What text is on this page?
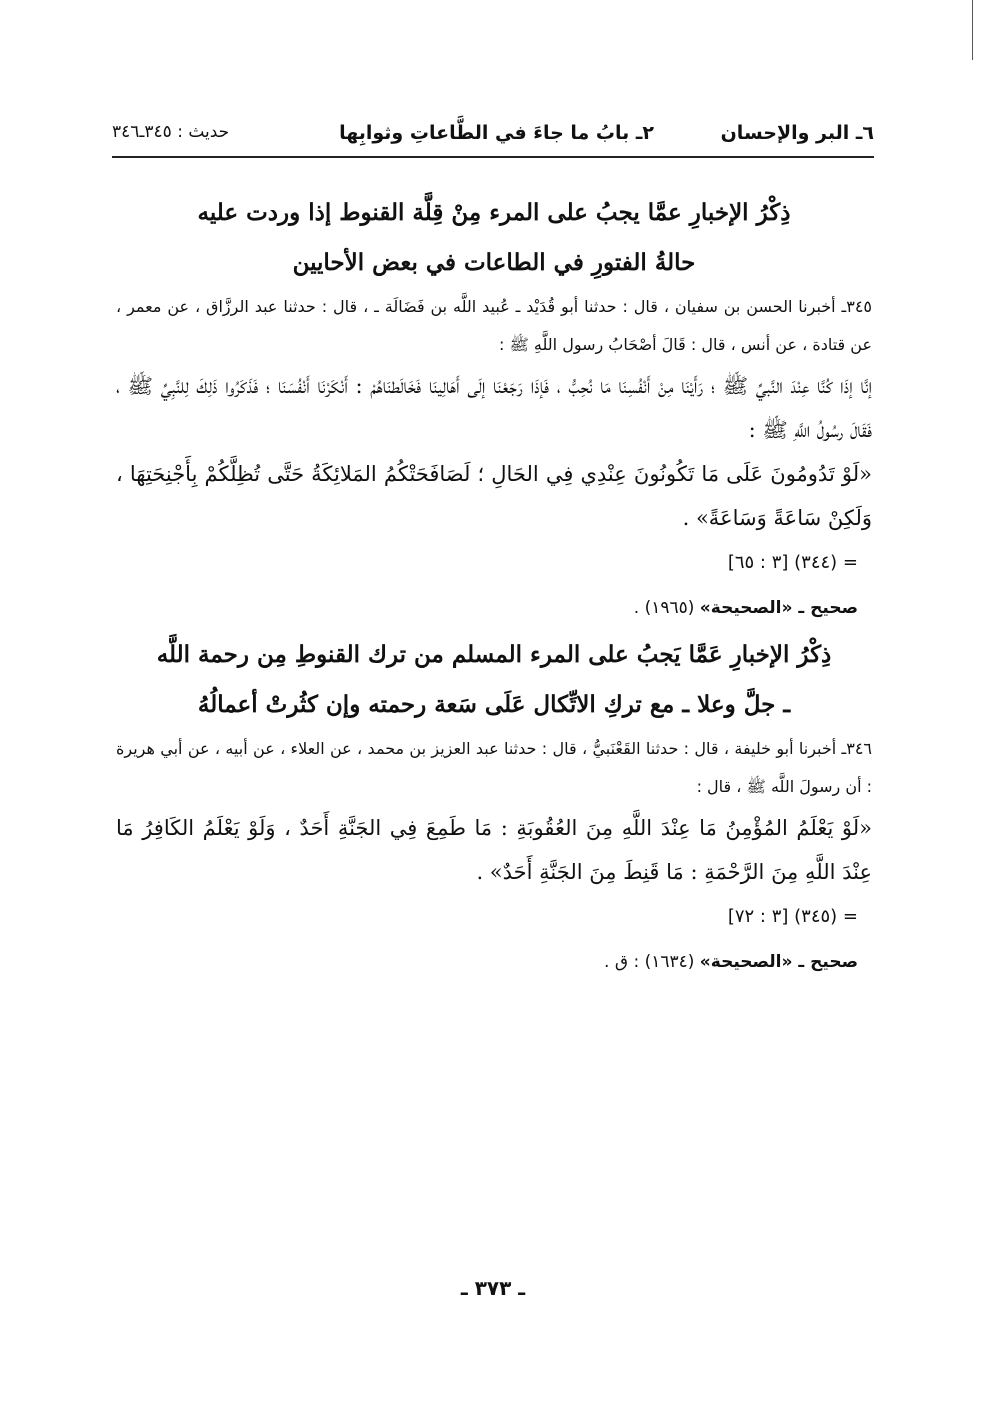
٦ـ البر والإحسان
٢ـ بابُ ما جاءَ في الطَّاعاتِ وثوابِها
حديث : ٣٤٥ـ٣٤٦

ذِكْرُ الإخبارِ عمَّا يجبُ على المرء مِنْ قِلَّة القنوط إذا وردت عليه

حالةُ الفتورِ في الطاعات في بعض الأحايين

٣٤٥ـ أخبرنا الحسن بن سفيان ، قال : حدثنا أبو قُدَيْد ـ عُبيد اللَّه بن فَضَالَة ـ ، قال : حدثنا عبد الرزَّاق ، عن معمر ، عن قتادة ، عن أنس ، قال : قَالَ أصْحَابُ رسول اللَّهِ ﷺ :

إنَّا إذَا كُنَّا عِنْدَ النَّبيِّ ﷺ ؛ رَأَيْنَا مِنْ أَنْفُسِنَا مَا نُحِبُّ ، فَإذَا رَجَعْنَا إلَى أَهَالِينَا فَخَالَطنَاهُمْ : أَنْكَرْنَا أَنْفُسَنَا ؛ فَذَكَرُوا ذَلِكَ لِلنَّبِيِّ ﷺ ، فَقَالَ رسُولُ اللَّهِ ﷺ :

«لَوْ تَدُومُونَ عَلَى مَا تَكُونُونَ عِنْدِي فِي الحَالِ ؛ لَصَافَحَتْكُمُ المَلائِكَةُ حَتَّى تُظِلَّكُمْ بِأَجْنِحَتِهَا ، وَلَكِنْ سَاعَةً وَسَاعَةً» .

= (٣٤٤) [٣ : ٦٥]

صحيح ـ «الصحيحة» (١٩٦٥) .

ذِكْرُ الإخبارِ عَمَّا يَجبُ على المرء المسلم من ترك القنوطِ مِن رحمة اللَّه

ـ جلَّ وعلا ـ مع تركِ الاتِّكال عَلَى سَعة رحمته وإن كثُرتْ أعمالُهُ

٣٤٦ـ أخبرنا أبو خليفة ، قال : حدثنا القَعْنَبيُّ ، قال : حدثنا عبد العزيز بن محمد ، عن العلاء ، عن أبيه ، عن أبي هريرة : أن رسولَ اللَّه ﷺ ، قال :

«لَوْ يَعْلَمُ المُؤْمِنُ مَا عِنْدَ اللَّهِ مِنَ العُقُوبَةِ : مَا طَمِعَ فِي الجَنَّةِ أَحَدٌ ، وَلَوْ يَعْلَمُ الكَافِرُ مَا عِنْدَ اللَّهِ مِنَ الرَّحْمَةِ : مَا قَنِطَ مِنَ الجَنَّةِ أَحَدٌ» .

= (٣٤٥) [٣ : ٧٢]

صحيح ـ «الصحيحة» (١٦٣٤) : ق .

ـ ٣٧٣ ـ
